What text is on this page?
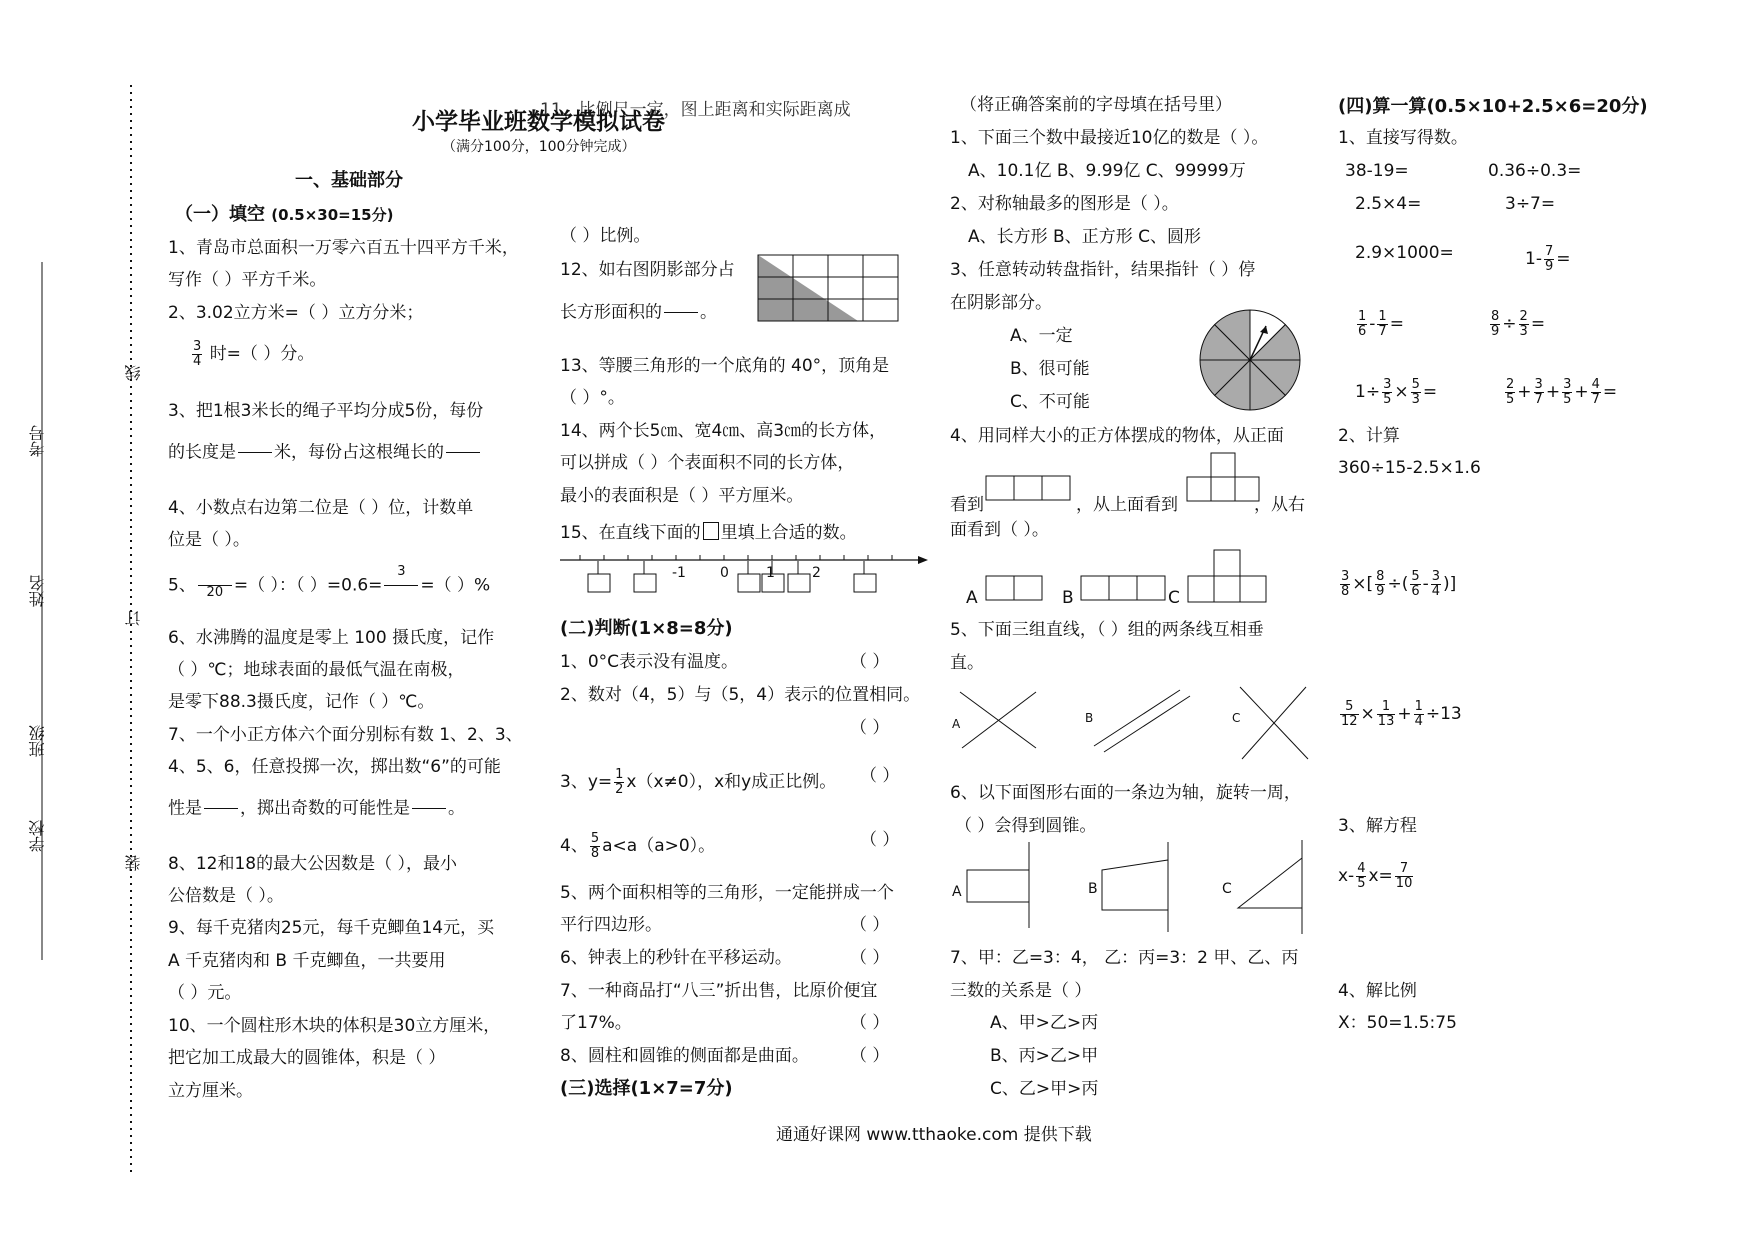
考号
姓名
班级
学校
线
订
装
11、比例尺一定，图上距离和实际距离成
小学毕业班数学模拟试卷
（满分100分，100分钟完成）
一、基础部分
（一）填空 (0.5×30=15分)
1、青岛市总面积一万零六百五十四平方千米，
写作（ ）平方千米。
2、3.02立方米=（ ）立方分米；
$\frac{3}{4}$ 时=（ ）分。
3、把1根3米长的绳子平均分成5份，每份
的长度是 米，每份占这根绳长的
4、小数点右边第二位是（ ）位，计数单
位是（ ）。
5、 20 =（ ）：（ ）=0.6=
3
=（ ）%
6、水沸腾的温度是零上 100 摄氏度，记作
（ ）℃；地球表面的最低气温在南极，
是零下88.3摄氏度，记作（ ）℃。
7、一个小正方体六个面分别标有数 1、2、3、
4、5、6，任意投掷一次，掷出数“6”的可能
性是 ，掷出奇数的可能性是 。
8、12和18的最大公因数是（ ），最小
公倍数是（ ）。
9、每千克猪肉25元，每千克鲫鱼14元，买
A 千克猪肉和 B 千克鲫鱼，一共要用
（ ）元。
10、一个圆柱形木块的体积是30立方厘米，
把它加工成最大的圆锥体，积是（ ）
立方厘米。
（ ）比例。
12、如右图阴影部分占
长方形面积的 。
13、等腰三角形的一个底角的 40°，顶角是
（ ）°。
14、两个长5㎝、宽4㎝、高3㎝的长方体，
可以拼成（ ）个表面积不同的长方体，
最小的表面积是（ ）平方厘米。
15、在直线下面的 里填上合适的数。
-1 0	1	2
(二)判断(1×8=8分)
1、0°C表示没有温度。	（ ）
2、数对（4，5）与（5，4）表示的位置相同。
（ ）
3、$y= \frac{1}{2} x(x\ne 0)$，x和y成正比例。 （ ）
4、 $\frac{5}{8} a<a(a>0)$。	（ ）
5、两个面积相等的三角形，一定能拼成一个
平行四边形。	（ ）
6、钟表上的秒针在平移运动。	（ ）
7、一种商品打“八三”折出售，比原价便宜
了17%。	（ ）
8、圆柱和圆锥的侧面都是曲面。 （ ）
(三)选择(1×7=7分)
（将正确答案前的字母填在括号里）
1、下面三个数中最接近10亿的数是（ ）。
A、10.1亿 B、9.99亿 C、99999万
2、对称轴最多的图形是（ ）。
A、长方形 B、正方形 C、圆形
3、任意转动转盘指针，结果指针（ ）停
在阴影部分。
A、一定
B、很可能
C、不可能
4、用同样大小的正方体摆成的物体，从正面
看到	，从上面看到	，从右
面看到（ ）。
A	B	C
5、下面三组直线，（ ）组的两条线互相垂
直。
A	B	C
6、以下面图形右面的一条边为轴，旋转一周，
（ ）会得到圆锥。
A	B	C
7、甲：乙=3：4， 乙：丙=3：2 甲、乙、丙
三数的关系是（ ）
A、甲>乙>丙
B、丙>乙>甲
C、乙>甲>丙
(四)算一算(0.5×10+2.5×6=20分)
1、直接写得数。
38-19=	0.36÷0.3=
2.5×4=	3÷7=
2.9×1000=	$1- \frac{7}{9}$ =
$\frac{1}{6} - \frac{1}{7}$ =	$\frac{8}{9} \div \frac{2}{3}$ =
$1\div \frac{3}{5} \times \frac{5}{3}$ =	$\frac{2}{5} + \frac{3}{7} + \frac{3}{5} + \frac{4}{7}$ =
2、计算
360÷15-2.5×1.6
$\frac{3}{8}$ ×[ $\frac{8}{9}$ ÷( $\frac{5}{6} - \frac{3}{4}$ )]
$\frac{5}{12} \times \frac{1}{13} + \frac{1}{4} \div 13$
3、解方程
$x- \frac{4}{5} x= \frac{7}{10}$
4、解比例
X：50=1.5:75
通通好课网 www.tthaoke.com 提供下载
